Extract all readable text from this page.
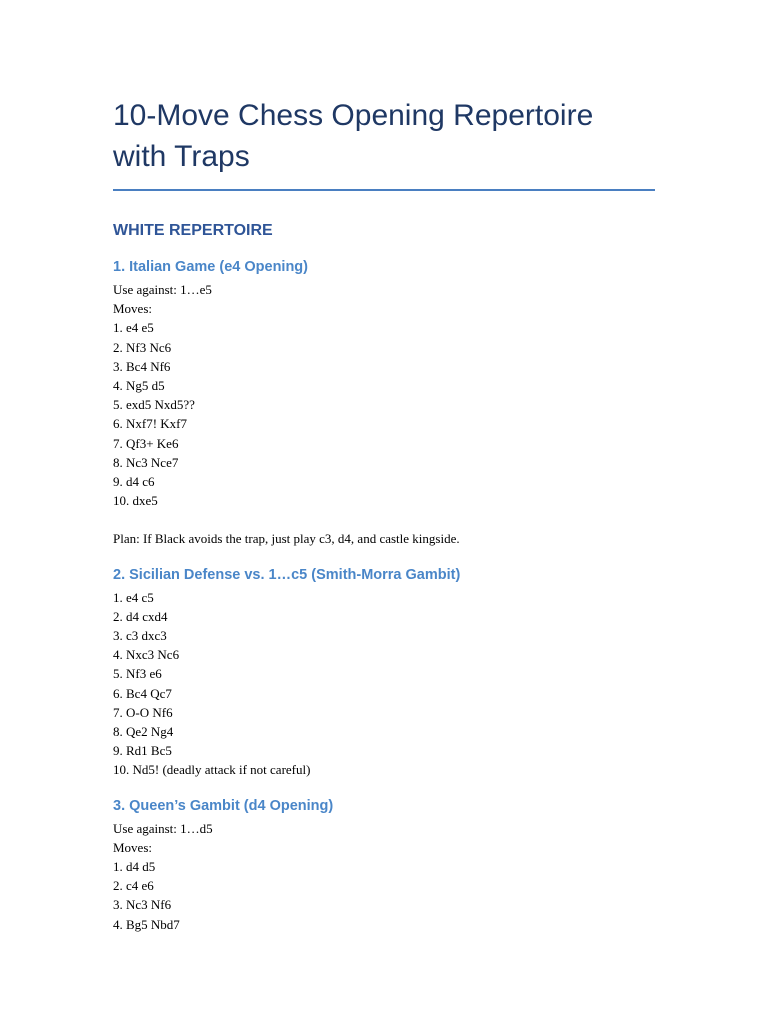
10-Move Chess Opening Repertoire
with Traps
WHITE REPERTOIRE
1. Italian Game (e4 Opening)
Use against: 1…e5
Moves:
1. e4 e5
2. Nf3 Nc6
3. Bc4 Nf6
4. Ng5 d5
5. exd5 Nxd5??
6. Nxf7! Kxf7
7. Qf3+ Ke6
8. Nc3 Nce7
9. d4 c6
10. dxe5
Plan: If Black avoids the trap, just play c3, d4, and castle kingside.
2. Sicilian Defense vs. 1…c5 (Smith-Morra Gambit)
1. e4 c5
2. d4 cxd4
3. c3 dxc3
4. Nxc3 Nc6
5. Nf3 e6
6. Bc4 Qc7
7. O-O Nf6
8. Qe2 Ng4
9. Rd1 Bc5
10. Nd5! (deadly attack if not careful)
3. Queen’s Gambit (d4 Opening)
Use against: 1…d5
Moves:
1. d4 d5
2. c4 e6
3. Nc3 Nf6
4. Bg5 Nbd7
